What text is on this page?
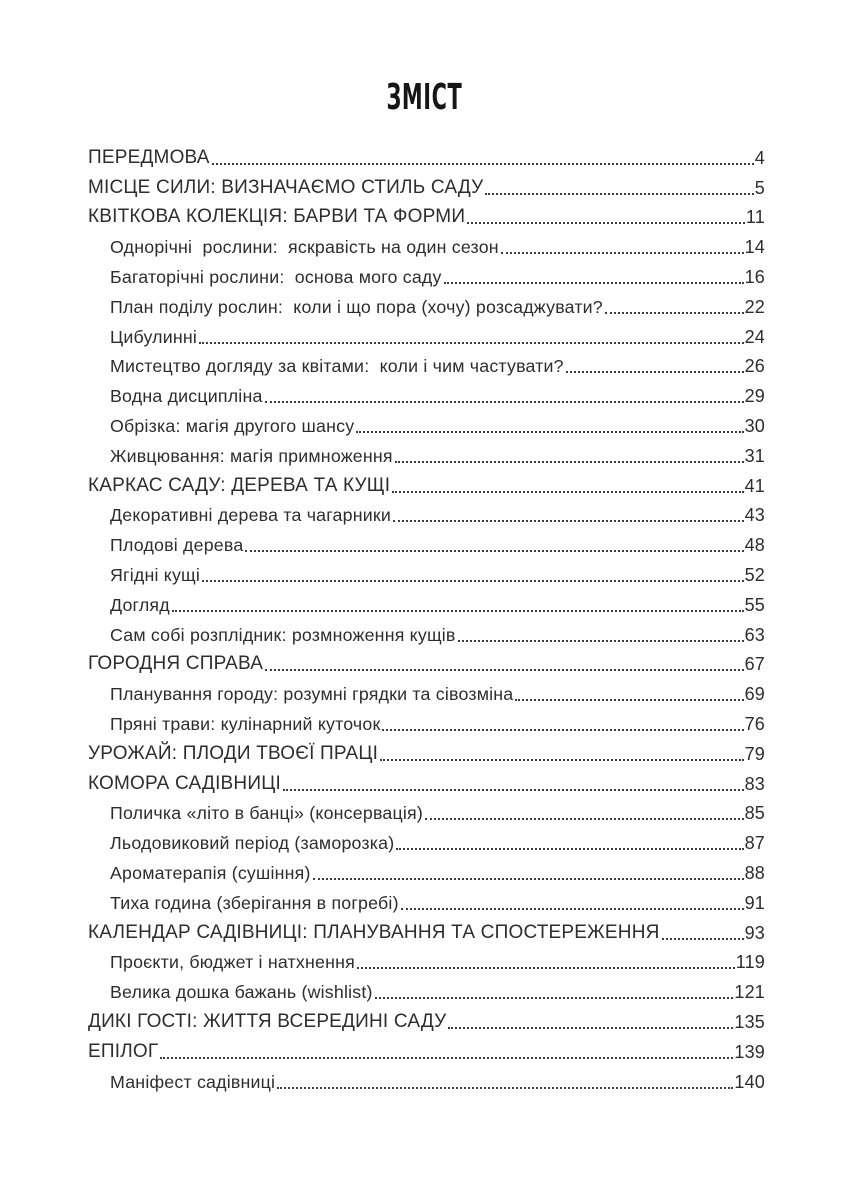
ЗМІСТ
ПЕРЕДМОВА	4
МІСЦЕ СИЛИ: ВИЗНАЧАЄМО СТИЛЬ САДУ	5
КВІТКОВА КОЛЕКЦІЯ: БАРВИ ТА ФОРМИ	11
Однорічні  рослини:  яскравість на один сезон	14
Багаторічні рослини:  основа мого саду	16
План поділу рослин:  коли і що пора (хочу) розсаджувати?	22
Цибулинні	24
Мистецтво догляду за квітами:  коли і чим частувати?	26
Водна дисципліна	29
Обрізка: магія другого шансу	30
Живцювання: магія примноження	31
КАРКАС САДУ: ДЕРЕВА ТА КУЩІ	41
Декоративні дерева та чагарники	43
Плодові дерева	48
Ягідні кущі	52
Догляд	55
Сам собі розплідник: розмноження кущів	63
ГОРОДНЯ СПРАВА	67
Планування городу: розумні грядки та сівозміна	69
Пряні трави: кулінарний куточок	76
УРОЖАЙ: ПЛОДИ ТВОЄЇ ПРАЦІ	79
КОМОРА САДІВНИЦІ	83
Поличка «літо в банці» (консервація)	85
Льодовиковий період (заморозка)	87
Ароматерапія (сушіння)	88
Тиха година (зберігання в погребі)	91
КАЛЕНДАР САДІВНИЦІ: ПЛАНУВАННЯ ТА СПОСТЕРЕЖЕННЯ	93
Проєкти, бюджет і натхнення	119
Велика дошка бажань (wishlist)	121
ДИКІ ГОСТІ: ЖИТТЯ ВСЕРЕДИНІ САДУ	135
ЕПІЛОГ	139
Маніфест садівниці	140
